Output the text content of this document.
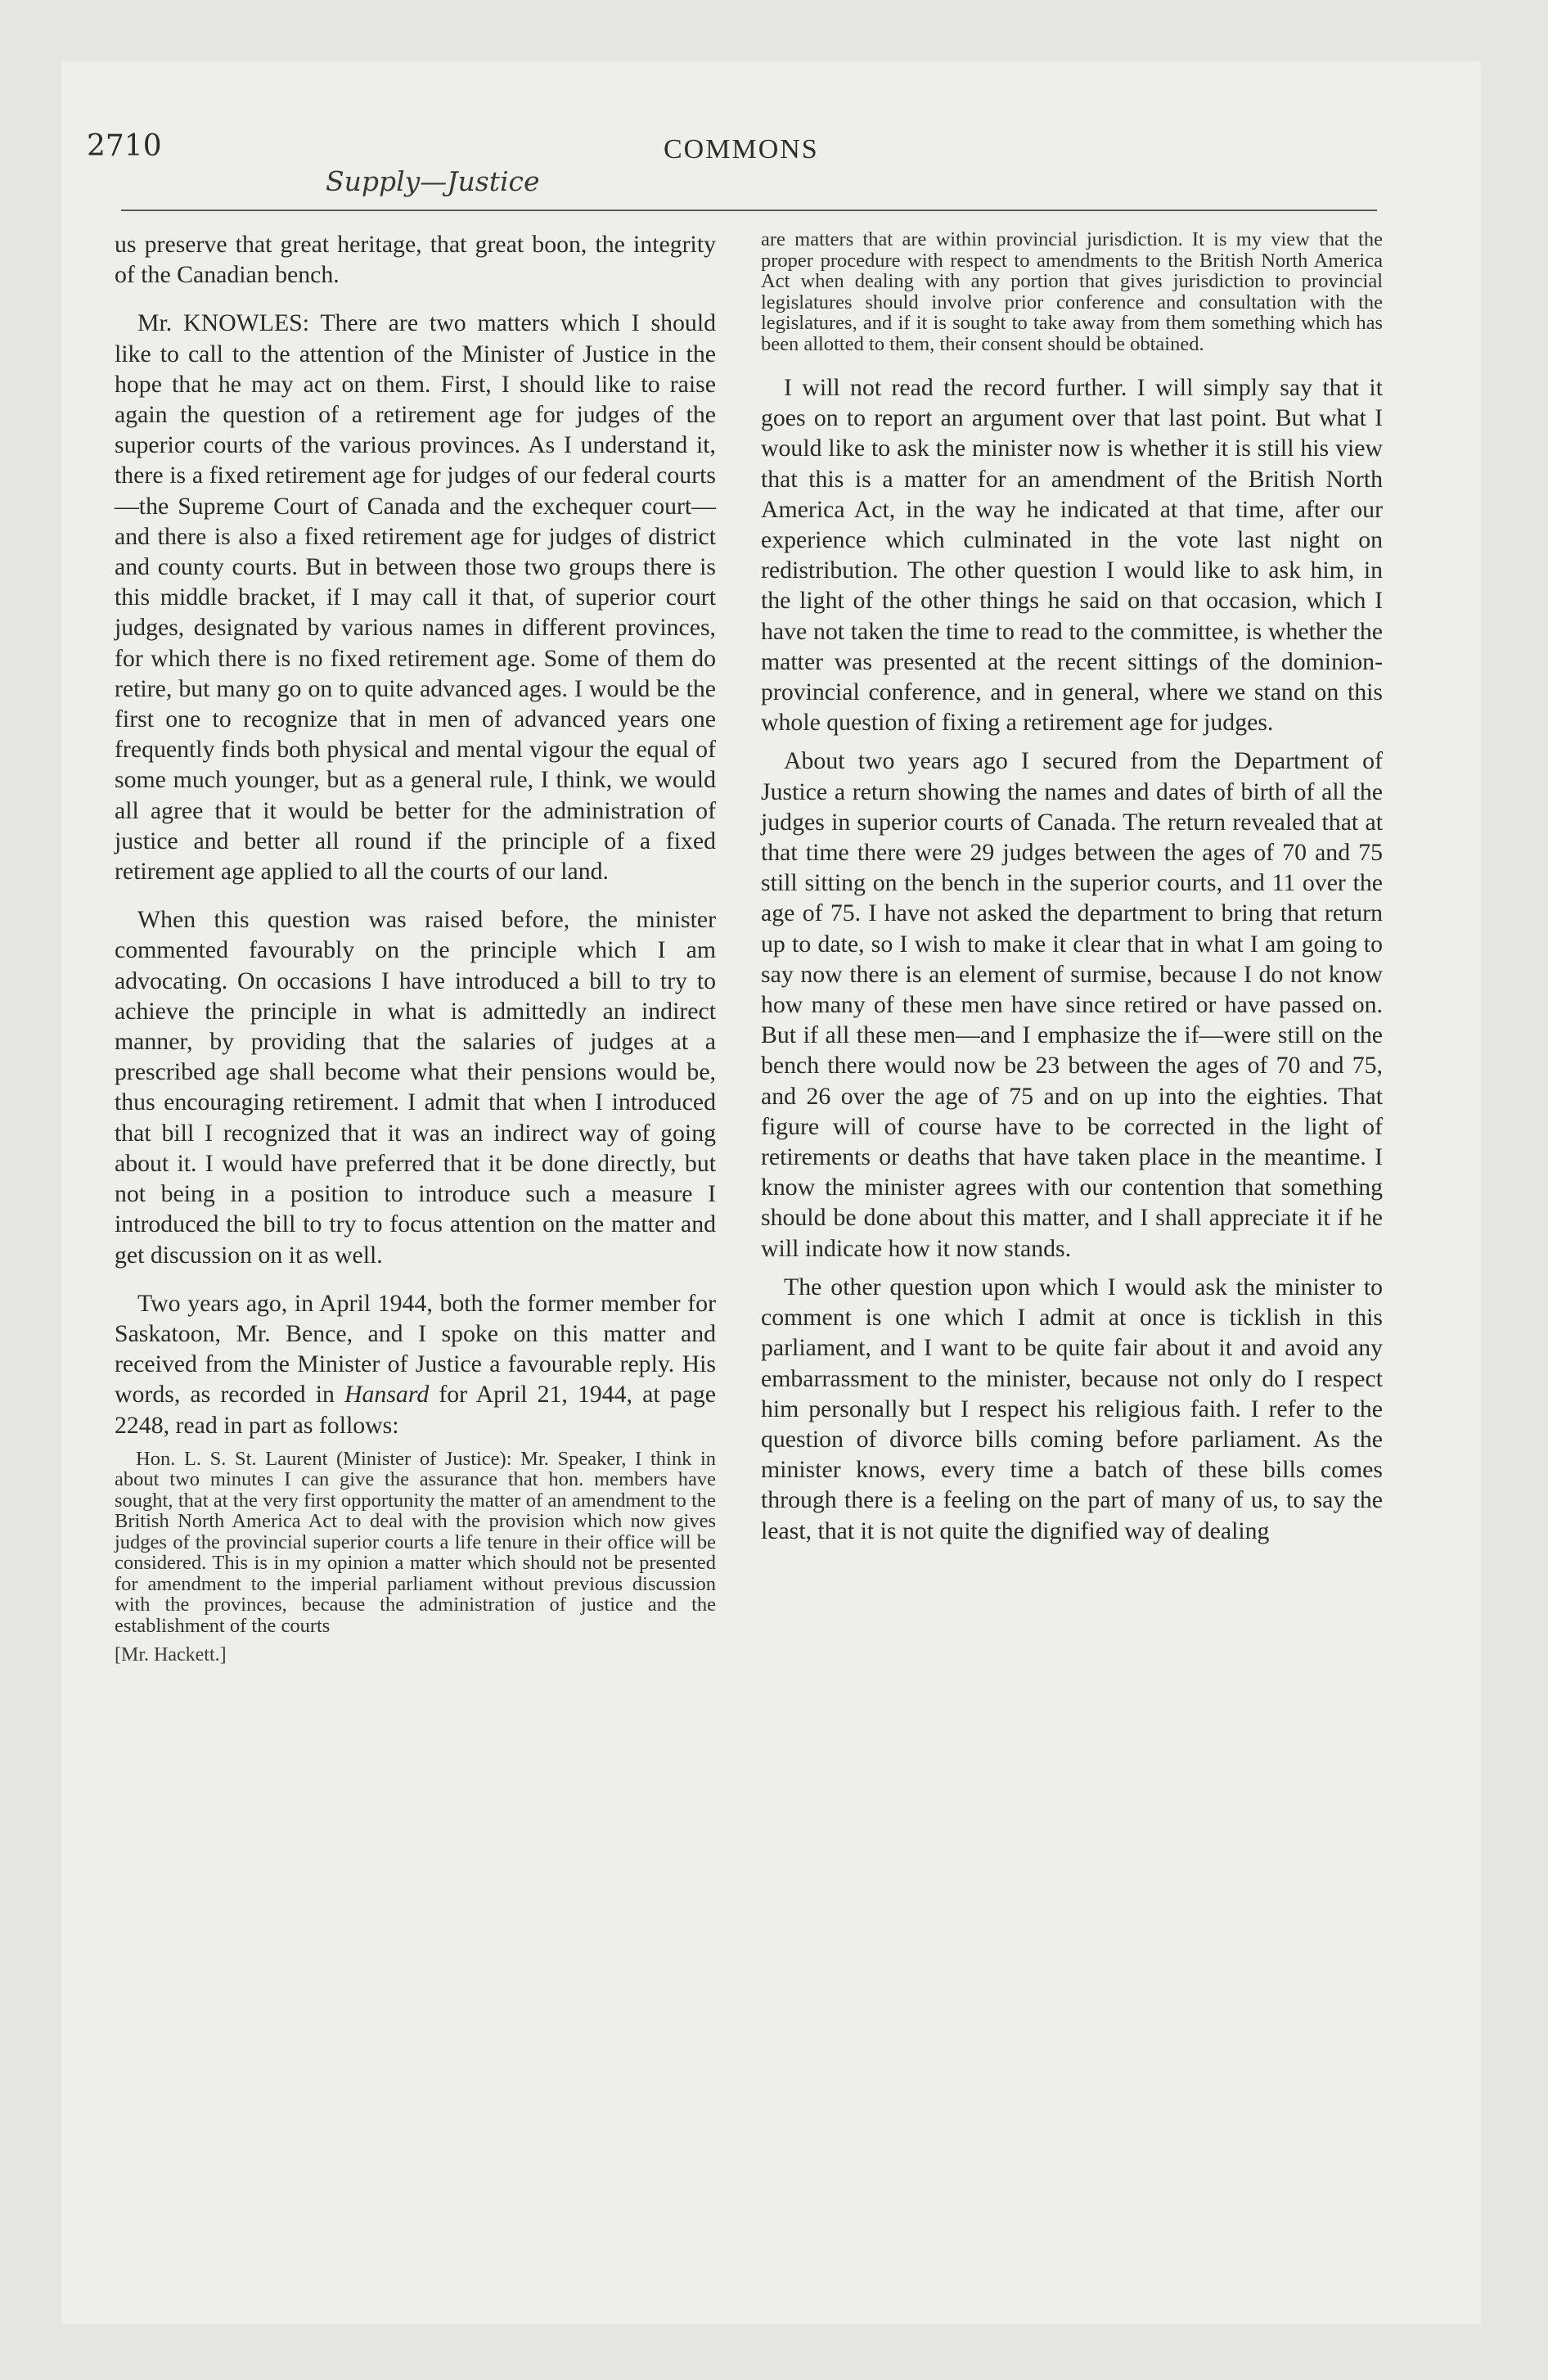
2710
Supply—Justice
COMMONS

us preserve that great heritage, that great boon, the integrity of the Canadian bench.

Mr. KNOWLES: There are two matters which I should like to call to the attention of the Minister of Justice in the hope that he may act on them. First, I should like to raise again the question of a retirement age for judges of the superior courts of the various provinces. As I understand it, there is a fixed retirement age for judges of our federal courts —the Supreme Court of Canada and the exchequer court—and there is also a fixed retirement age for judges of district and county courts. But in between those two groups there is this middle bracket, if I may call it that, of superior court judges, designated by various names in different provinces, for which there is no fixed retirement age. Some of them do retire, but many go on to quite advanced ages. I would be the first one to recognize that in men of advanced years one frequently finds both physical and mental vigour the equal of some much younger, but as a general rule, I think, we would all agree that it would be better for the administration of justice and better all round if the principle of a fixed retirement age applied to all the courts of our land.

When this question was raised before, the minister commented favourably on the principle which I am advocating. On occasions I have introduced a bill to try to achieve the principle in what is admittedly an indirect manner, by providing that the salaries of judges at a prescribed age shall become what their pensions would be, thus encouraging retirement. I admit that when I introduced that bill I recognized that it was an indirect way of going about it. I would have preferred that it be done directly, but not being in a position to introduce such a measure I introduced the bill to try to focus attention on the matter and get discussion on it as well.

Two years ago, in April 1944, both the former member for Saskatoon, Mr. Bence, and I spoke on this matter and received from the Minister of Justice a favourable reply. His words, as recorded in Hansard for April 21, 1944, at page 2248, read in part as follows:

Hon. L. S. St. Laurent (Minister of Justice): Mr. Speaker, I think in about two minutes I can give the assurance that hon. members have sought, that at the very first opportunity the matter of an amendment to the British North America Act to deal with the provision which now gives judges of the provincial superior courts a life tenure in their office will be considered. This is in my opinion a matter which should not be presented for amendment to the imperial parliament without previous discussion with the provinces, because the administration of justice and the establishment of the courts

[Mr. Hackett.]

are matters that are within provincial jurisdiction. It is my view that the proper procedure with respect to amendments to the British North America Act when dealing with any portion that gives jurisdiction to provincial legislatures should involve prior conference and consultation with the legislatures, and if it is sought to take away from them something which has been allotted to them, their consent should be obtained.

I will not read the record further. I will simply say that it goes on to report an argument over that last point. But what I would like to ask the minister now is whether it is still his view that this is a matter for an amendment of the British North America Act, in the way he indicated at that time, after our experience which culminated in the vote last night on redistribution. The other question I would like to ask him, in the light of the other things he said on that occasion, which I have not taken the time to read to the committee, is whether the matter was presented at the recent sittings of the dominion-provincial conference, and in general, where we stand on this whole question of fixing a retirement age for judges.

About two years ago I secured from the Department of Justice a return showing the names and dates of birth of all the judges in superior courts of Canada. The return revealed that at that time there were 29 judges between the ages of 70 and 75 still sitting on the bench in the superior courts, and 11 over the age of 75. I have not asked the department to bring that return up to date, so I wish to make it clear that in what I am going to say now there is an element of surmise, because I do not know how many of these men have since retired or have passed on. But if all these men—and I emphasize the if—were still on the bench there would now be 23 between the ages of 70 and 75, and 26 over the age of 75 and on up into the eighties. That figure will of course have to be corrected in the light of retirements or deaths that have taken place in the meantime. I know the minister agrees with our contention that something should be done about this matter, and I shall appreciate it if he will indicate how it now stands.

The other question upon which I would ask the minister to comment is one which I admit at once is ticklish in this parliament, and I want to be quite fair about it and avoid any embarrassment to the minister, because not only do I respect him personally but I respect his religious faith. I refer to the question of divorce bills coming before parliament. As the minister knows, every time a batch of these bills comes through there is a feeling on the part of many of us, to say the least, that it is not quite the dignified way of dealing
